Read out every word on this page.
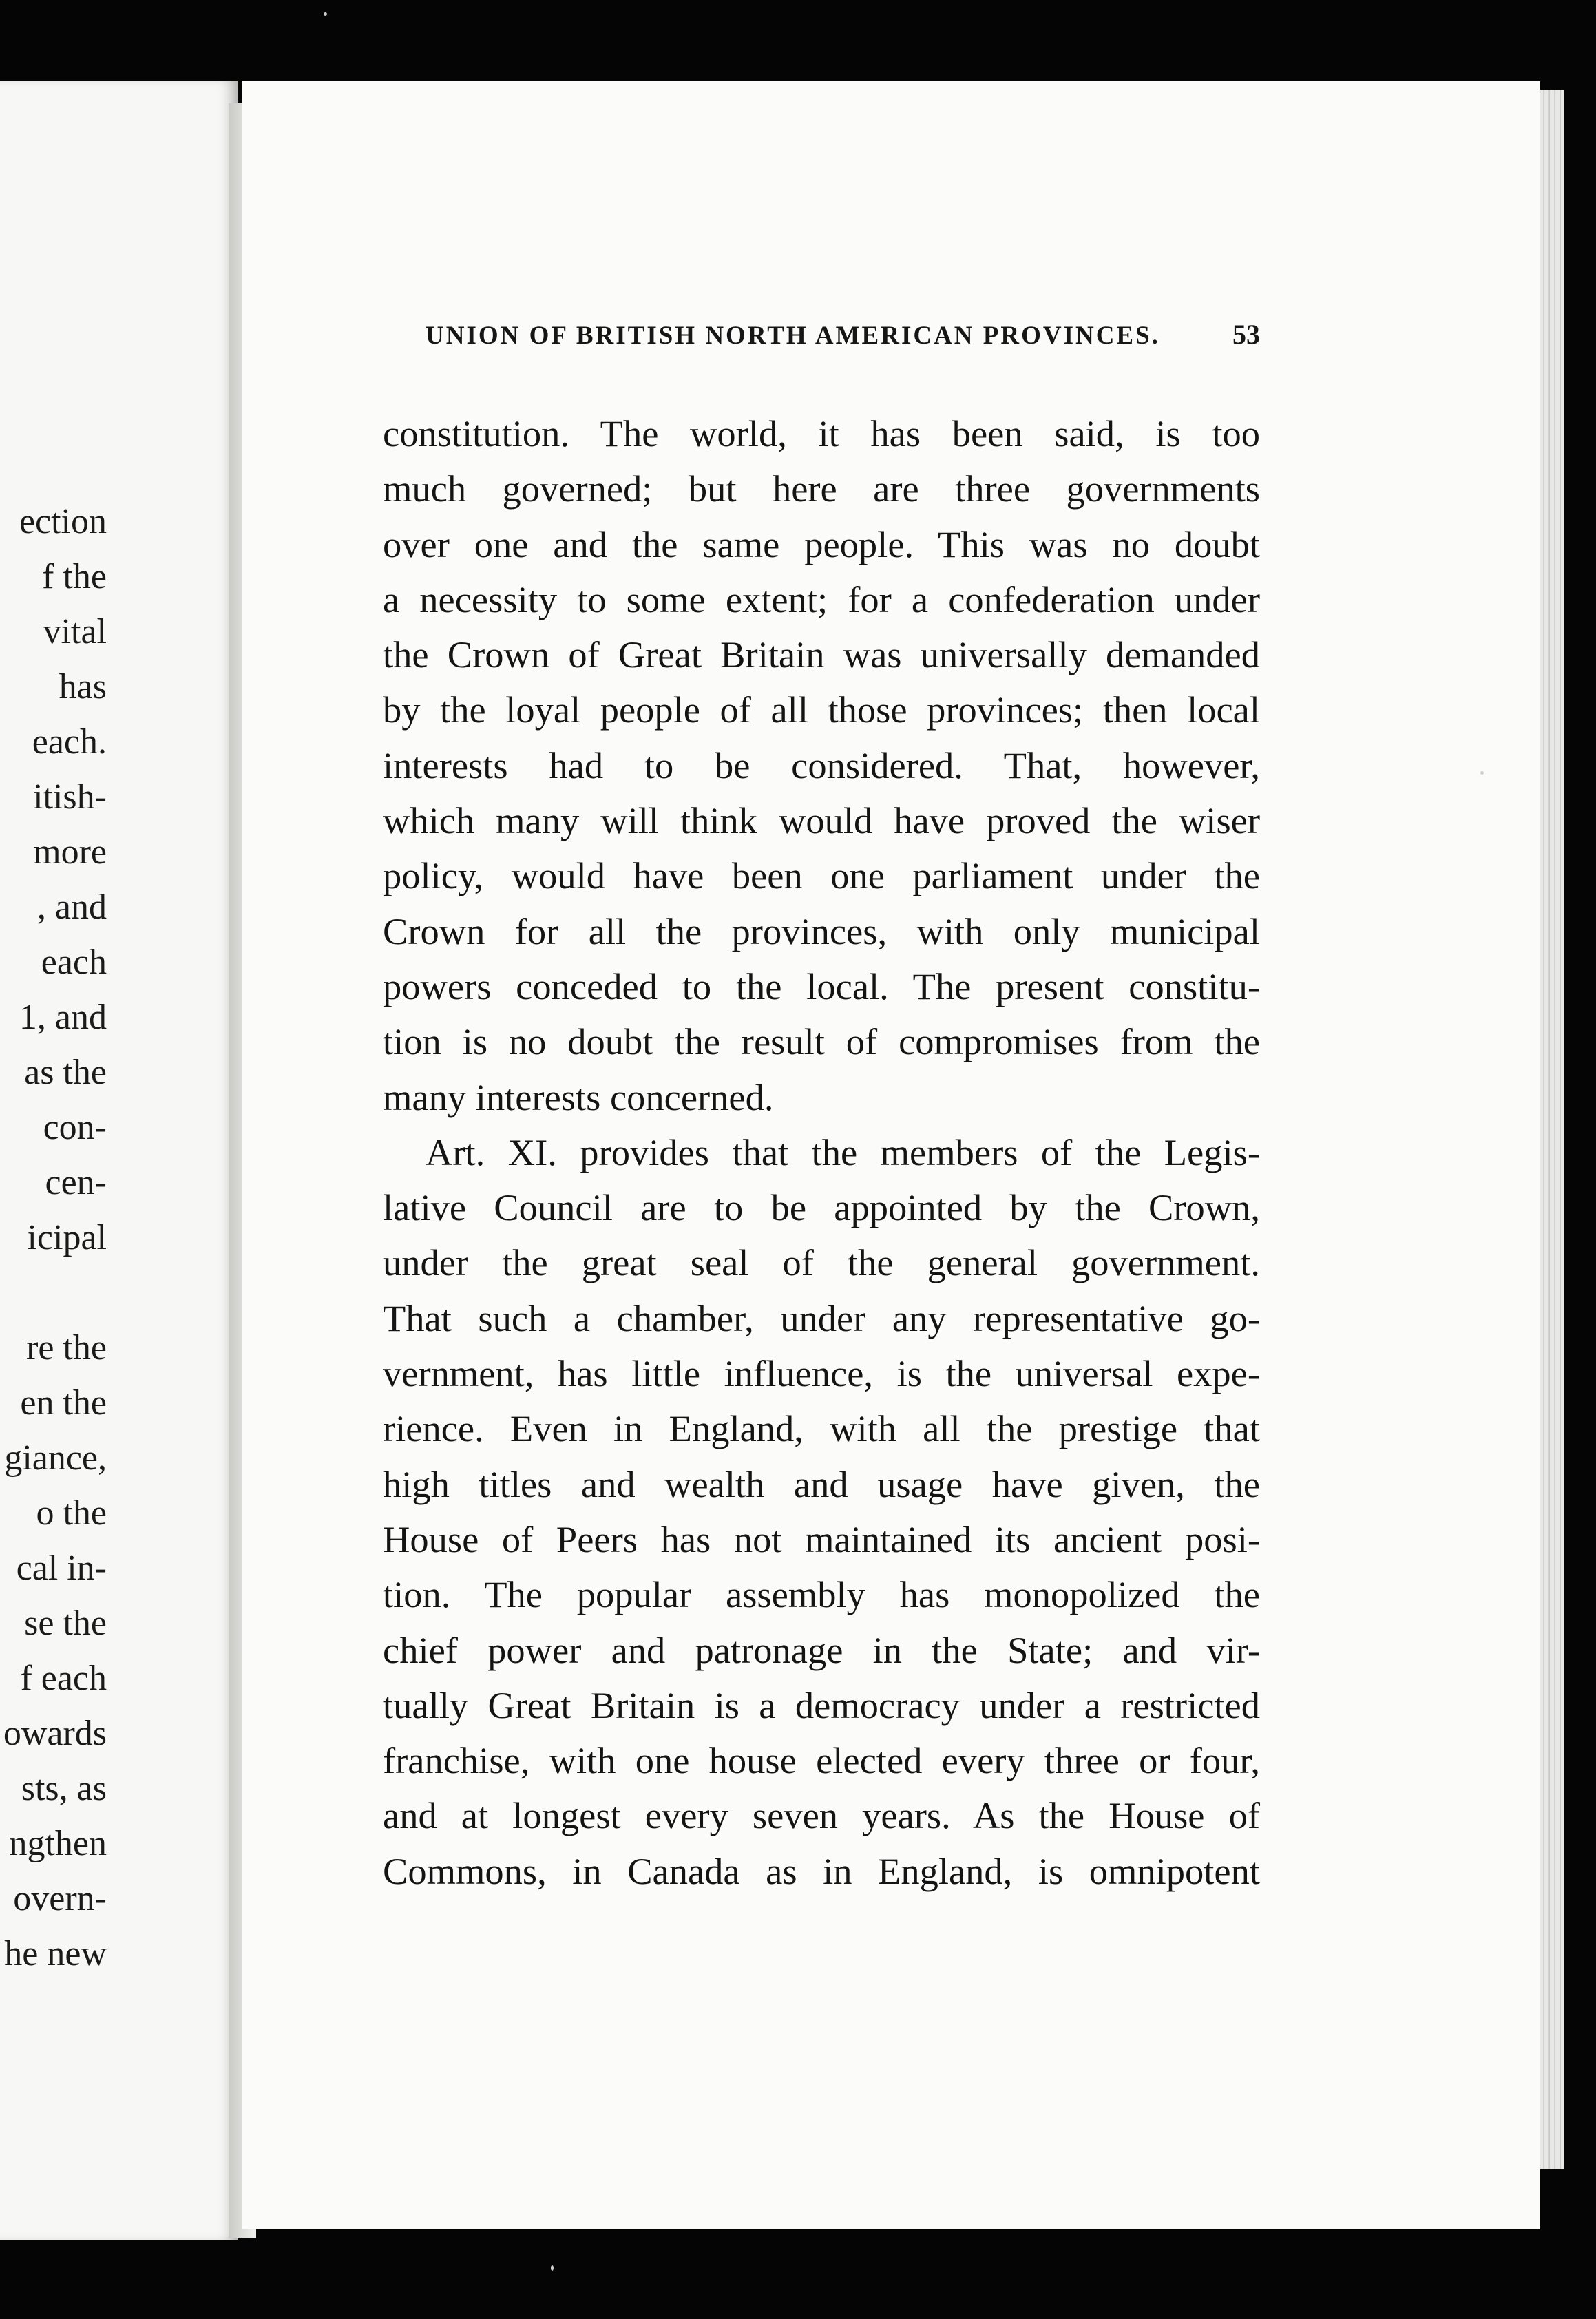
ection
f the
vital
has
each.
itish-
more
, and
each
1, and
as the
con-
cen-
icipal
re the
en the
giance,
o the
cal in-
se the
f each
owards
sts, as
ngthen
overn-
he new
UNION OF BRITISH NORTH AMERICAN PROVINCES.	53
constitution. The world, it has been said, is too
much governed; but here are three governments
over one and the same people. This was no doubt
a necessity to some extent; for a confederation under
the Crown of Great Britain was universally demanded
by the loyal people of all those provinces; then local
interests had to be considered. That, however,
which many will think would have proved the wiser
policy, would have been one parliament under the
Crown for all the provinces, with only municipal
powers conceded to the local. The present constitu-
tion is no doubt the result of compromises from the
many interests concerned.
Art. XI. provides that the members of the Legis-
lative Council are to be appointed by the Crown,
under the great seal of the general government.
That such a chamber, under any representative go-
vernment, has little influence, is the universal expe-
rience. Even in England, with all the prestige that
high titles and wealth and usage have given, the
House of Peers has not maintained its ancient posi-
tion. The popular assembly has monopolized the
chief power and patronage in the State; and vir-
tually Great Britain is a democracy under a restricted
franchise, with one house elected every three or four,
and at longest every seven years. As the House of
Commons, in Canada as in England, is omnipotent
